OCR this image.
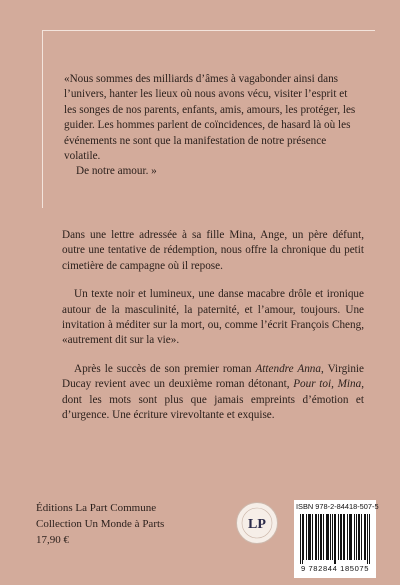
«Nous sommes des milliards d’âmes à vagabonder ainsi dans l’univers, hanter les lieux où nous avons vécu, visiter l’esprit et les songes de nos parents, enfants, amis, amours, les protéger, les guider. Les hommes parlent de coïncidences, de hasard là où les événements ne sont que la manifestation de notre présence volatile.

De notre amour. »

Dans une lettre adressée à sa fille Mina, Ange, un père défunt, outre une tentative de rédemption, nous offre la chronique du petit cimetière de campagne où il repose.

Un texte noir et lumineux, une danse macabre drôle et ironique autour de la masculinité, la paternité, et l’amour, toujours. Une invitation à méditer sur la mort, ou, comme l’écrit François Cheng, «autrement dit sur la vie».

Après le succès de son premier roman Attendre Anna, Virginie Ducay revient avec un deuxième roman détonant, Pour toi, Mina, dont les mots sont plus que jamais empreints d’émotion et d’urgence. Une écriture virevoltante et exquise.

Éditions La Part Commune
Collection Un Monde à Parts
17,90 €
LP
ISBN 978-2-84418-507-5
9 782844 185075
